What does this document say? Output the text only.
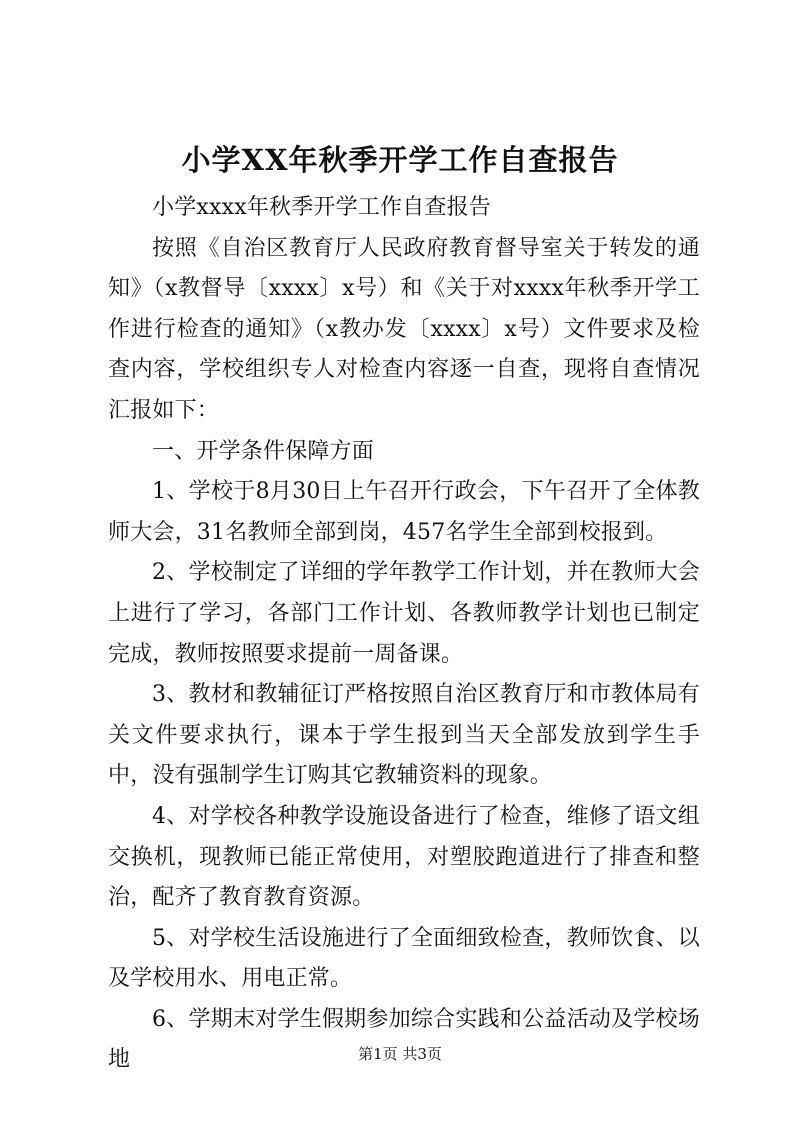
小学XX年秋季开学工作自查报告

小学xxxx年秋季开学工作自查报告

按照《自治区教育厅人民政府教育督导室关于转发的通知》（x教督导〔xxxx〕x号）和《关于对xxxx年秋季开学工作进行检查的通知》（x教办发〔xxxx〕x号）文件要求及检查内容，学校组织专人对检查内容逐一自查，现将自查情况汇报如下：

一、开学条件保障方面

1、学校于8月30日上午召开行政会，下午召开了全体教师大会，31名教师全部到岗，457名学生全部到校报到。

2、学校制定了详细的学年教学工作计划，并在教师大会上进行了学习，各部门工作计划、各教师教学计划也已制定完成，教师按照要求提前一周备课。

3、教材和教辅征订严格按照自治区教育厅和市教体局有关文件要求执行，课本于学生报到当天全部发放到学生手中，没有强制学生订购其它教辅资料的现象。

4、对学校各种教学设施设备进行了检查，维修了语文组交换机，现教师已能正常使用，对塑胶跑道进行了排查和整治，配齐了教育教育资源。

5、对学校生活设施进行了全面细致检查，教师饮食、以及学校用水、用电正常。

6、学期末对学生假期参加综合实践和公益活动及学校场地	第1页 共3页
